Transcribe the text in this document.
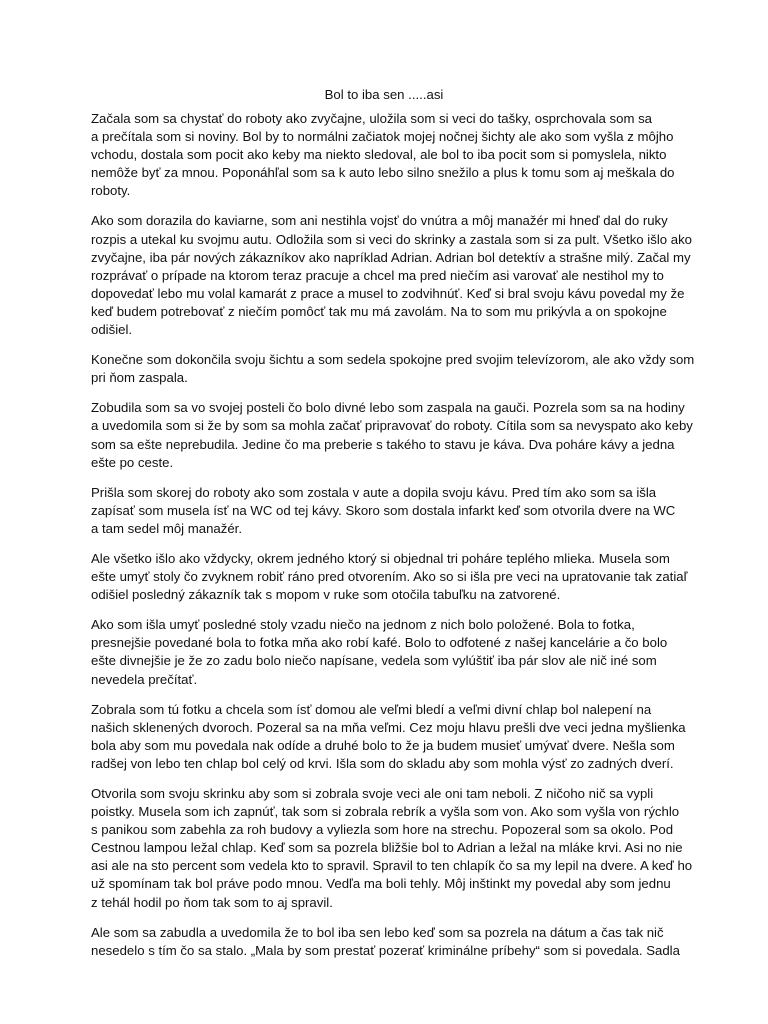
Bol to iba sen .....asi
Začala som sa chystať do roboty ako zvyčajne, uložila som si veci do tašky, osprchovala som sa
a prečítala som si noviny. Bol by to normálni začiatok mojej nočnej šichty ale ako som vyšla z môjho
vchodu, dostala som pocit ako keby ma niekto sledoval, ale bol to iba pocit som si pomyslela, nikto
nemôže byť za mnou. Poponáhľal som sa k auto lebo silno snežilo a plus k tomu som aj meškala do
roboty.
Ako som dorazila do kaviarne, som ani nestihla vojsť do vnútra a môj manažér mi hneď dal do ruky
rozpis a utekal ku svojmu autu. Odložila som si veci do skrinky a zastala som si za pult. Všetko išlo ako
zvyčajne, iba pár nových zákazníkov ako napríklad Adrian. Adrian bol detektív a strašne milý. Začal my
rozprávať o prípade na ktorom teraz pracuje a chcel ma pred niečím asi varovať ale nestihol my to
dopovedať lebo mu volal kamarát z prace a musel to zodvihnúť. Keď si bral svoju kávu povedal my že
keď budem potrebovať z niečím pomôcť tak mu má zavolám. Na to som mu prikývla a on spokojne
odišiel.
Konečne som dokončila svoju šichtu a som sedela spokojne pred svojim televízorom, ale ako vždy som
pri ňom zaspala.
Zobudila som sa vo svojej posteli čo bolo divné lebo som zaspala na gauči. Pozrela som sa na hodiny
a uvedomila som si že by som sa mohla začať pripravovať do roboty. Cítila som sa nevyspato ako keby
som sa ešte neprebudila. Jedine čo ma preberie s takého to stavu je káva. Dva poháre kávy a jedna
ešte po ceste.
Prišla som skorej do roboty ako som zostala v aute a dopila svoju kávu. Pred tím ako som sa išla
zapísať som musela ísť na WC od tej kávy. Skoro som dostala infarkt keď som otvorila dvere na WC
a tam sedel môj manažér.
Ale všetko išlo ako vždycky, okrem jedného ktorý si objednal tri poháre teplého mlieka. Musela som
ešte umyť stoly čo zvyknem robiť ráno pred otvorením. Ako so si išla pre veci na upratovanie tak zatiaľ
odišiel posledný zákazník tak s mopom v ruke som otočila tabuľku na zatvorené.
Ako som išla umyť posledné stoly vzadu niečo na jednom z nich bolo položené. Bola to fotka,
presnejšie povedané bola to fotka mňa ako robí kafé. Bolo to odfotené z našej kancelárie a čo bolo
ešte divnejšie je že zo zadu bolo niečo napísane, vedela som vylúštiť iba pár slov ale nič iné som
nevedela prečítať.
Zobrala som tú fotku a chcela som ísť domou ale veľmi bledí a veľmi divní chlap bol nalepení na
našich sklenených dvoroch. Pozeral sa na mňa veľmi. Cez moju hlavu prešli dve veci jedna myšlienka
bola aby som mu povedala nak odíde a druhé bolo to že ja budem musieť umývať dvere. Nešla som
radšej von lebo ten chlap bol celý od krvi. Išla som do skladu aby som mohla výsť zo zadných dverí.
Otvorila som svoju skrinku aby som si zobrala svoje veci ale oni tam neboli. Z ničoho nič sa vypli
poistky. Musela som ich zapnúť, tak som si zobrala rebrík a vyšla som von. Ako som vyšla von rýchlo
s panikou som zabehla za roh budovy a vyliezla som hore na strechu. Popozeral som sa okolo. Pod
Cestnou lampou ležal chlap. Keď som sa pozrela bližšie bol to Adrian a ležal na mláke krvi. Asi no nie
asi ale na sto percent som vedela kto to spravil. Spravil to ten chlapík čo sa my lepil na dvere. A keď ho
už spomínam tak bol práve podo mnou. Vedľa ma boli tehly. Môj inštinkt my povedal aby som jednu
z tehál hodil po ňom tak som to aj spravil.
Ale som sa zabudla a uvedomila že to bol iba sen lebo keď som sa pozrela na dátum a čas tak nič
nesedelo s tím čo sa stalo. „Mala by som prestať pozerať kriminálne príbehy“ som si povedala. Sadla
